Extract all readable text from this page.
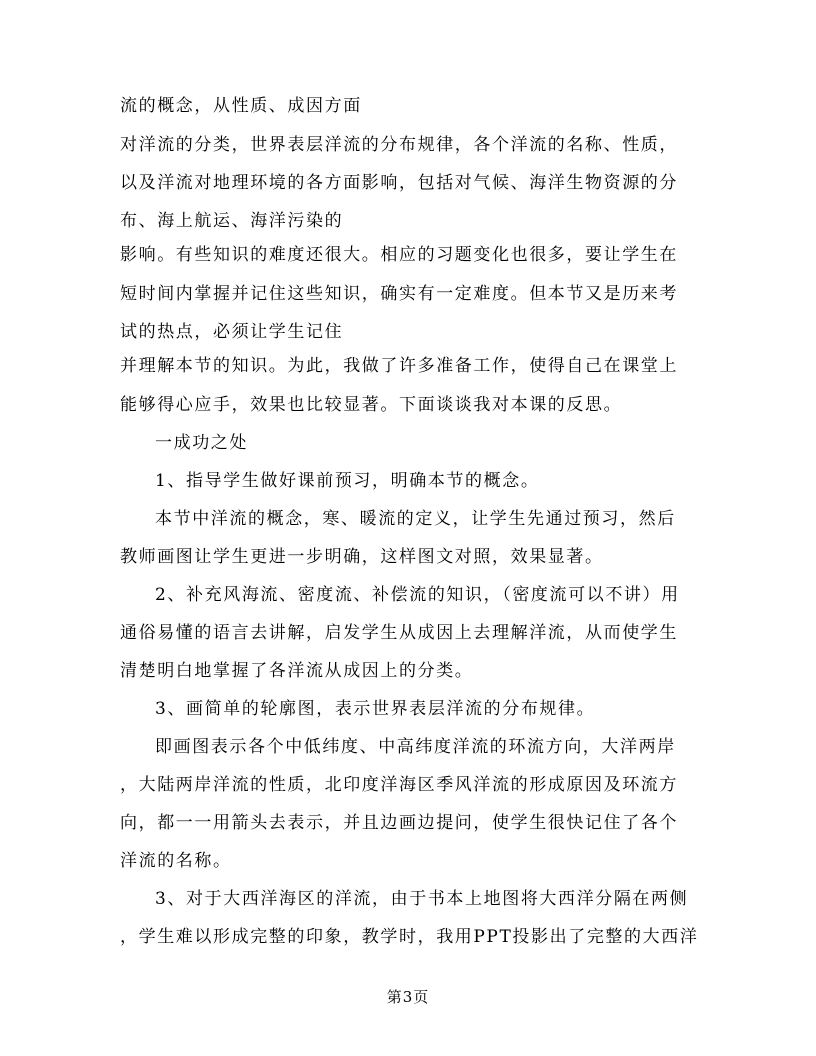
流的概念，从性质、成因方面
对洋流的分类，世界表层洋流的分布规律，各个洋流的名称、性质，
以及洋流对地理环境的各方面影响，包括对气候、海洋生物资源的分
布、海上航运、海洋污染的
影响。有些知识的难度还很大。相应的习题变化也很多，要让学生在
短时间内掌握并记住这些知识，确实有一定难度。但本节又是历来考
试的热点，必须让学生记住
并理解本节的知识。为此，我做了许多准备工作，使得自己在课堂上
能够得心应手，效果也比较显著。下面谈谈我对本课的反思。
一成功之处
1、指导学生做好课前预习，明确本节的概念。
本节中洋流的概念，寒、暖流的定义，让学生先通过预习，然后
教师画图让学生更进一步明确，这样图文对照，效果显著。
2、补充风海流、密度流、补偿流的知识，（密度流可以不讲）用
通俗易懂的语言去讲解，启发学生从成因上去理解洋流，从而使学生
清楚明白地掌握了各洋流从成因上的分类。
3、画简单的轮廓图，表示世界表层洋流的分布规律。
即画图表示各个中低纬度、中高纬度洋流的环流方向，大洋两岸
，大陆两岸洋流的性质，北印度洋海区季风洋流的形成原因及环流方
向，都一一用箭头去表示，并且边画边提问，使学生很快记住了各个
洋流的名称。
3、对于大西洋海区的洋流，由于书本上地图将大西洋分隔在两侧
，学生难以形成完整的印象，教学时，我用PPT投影出了完整的大西洋
第3页
